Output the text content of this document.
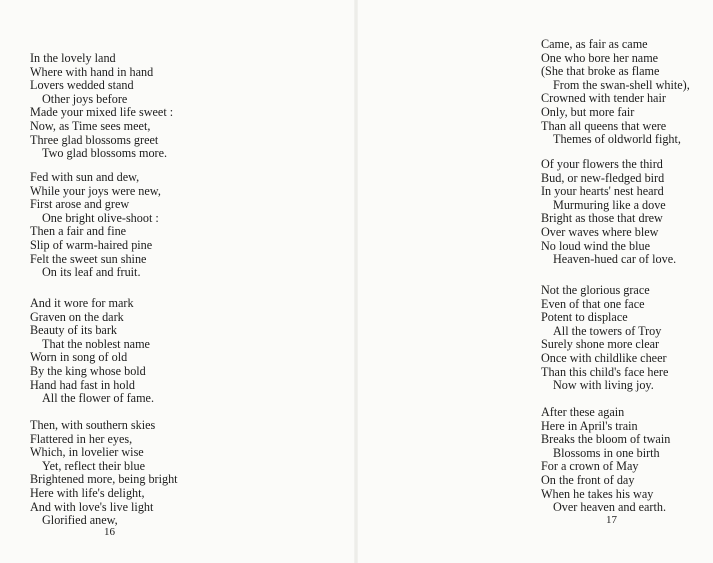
In the lovely land
Where with hand in hand
Lovers wedded stand
Other joys before
Made your mixed life sweet :
Now, as Time sees meet,
Three glad blossoms greet
Two glad blossoms more.
Fed with sun and dew,
While your joys were new,
First arose and grew
One bright olive-shoot :
Then a fair and fine
Slip of warm-haired pine
Felt the sweet sun shine
On its leaf and fruit.
And it wore for mark
Graven on the dark
Beauty of its bark
That the noblest name
Worn in song of old
By the king whose bold
Hand had fast in hold
All the flower of fame.
Then, with southern skies
Flattered in her eyes,
Which, in lovelier wise
Yet, reflect their blue
Brightened more, being bright
Here with life's delight,
And with love's live light
Glorified anew,
16
Came, as fair as came
One who bore her name
(She that broke as flame
From the swan-shell white),
Crowned with tender hair
Only, but more fair
Than all queens that were
Themes of oldworld fight,
Of your flowers the third
Bud, or new-fledged bird
In your hearts' nest heard
Murmuring like a dove
Bright as those that drew
Over waves where blew
No loud wind the blue
Heaven-hued car of love.
Not the glorious grace
Even of that one face
Potent to displace
All the towers of Troy
Surely shone more clear
Once with childlike cheer
Than this child's face here
Now with living joy.
After these again
Here in April's train
Breaks the bloom of twain
Blossoms in one birth
For a crown of May
On the front of day
When he takes his way
Over heaven and earth.
17
